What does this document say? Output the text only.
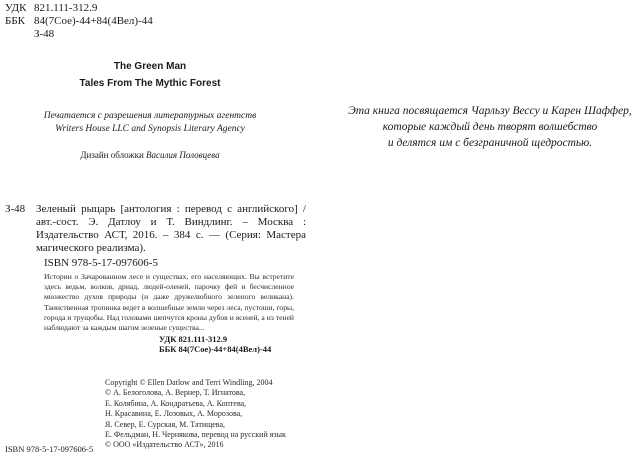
УДК 821.111-312.9
ББК 84(7Сое)-44+84(4Вел)-44
З-48
The Green Man
Tales From The Mythic Forest
Печатается с разрешения литературных агентств
Writers House LLC and Synopsis Literary Agency
Дизайн обложки Василия Половцева
Эта книга посвящается Чарльзу Вессу и Карен Шаффер,
которые каждый день творят волшебство
и делятся им с безграничной щедростью.
З-48 Зеленый рыцарь [антология : перевод с английского] / авт.-сост. Э. Датлоу и Т. Виндлинг. – Москва : Издательство АСТ, 2016. – 384 с. — (Серия: Мастера магического реализма).
ISBN 978-5-17-097606-5
Истории о Зачарованном лесе и существах, его населяющих. Вы встретите здесь ведьм, волков, дриад, людей-оленей, парочку фей и бесчисленное множество духов природы (и даже дружелюбного зеленого великана). Таинственная тропинка ведет в волшебные земли через леса, пустоши, горы, города и трущобы. Над головами шепчутся кроны дубов и ясеней, а из теней наблюдают за каждым шагом зеленые существа...
УДК 821.111-312.9
ББК 84(7Сое)-44+84(4Вел)-44
ISBN 978-5-17-097606-5
Copyright © Ellen Datlow and Terri Windling, 2004
© А. Белоголова, А. Вернер, Т. Игнатова,
Е. Колябина, А. Кондратьева, А. Коптева,
Н. Красавина, Е. Лозовых, А. Морозова,
Я. Север, Е. Сурская, М. Татищева,
Е. Фельдман, Н. Чернякова, перевод на русский язык
© ООО «Издательство АСТ», 2016
